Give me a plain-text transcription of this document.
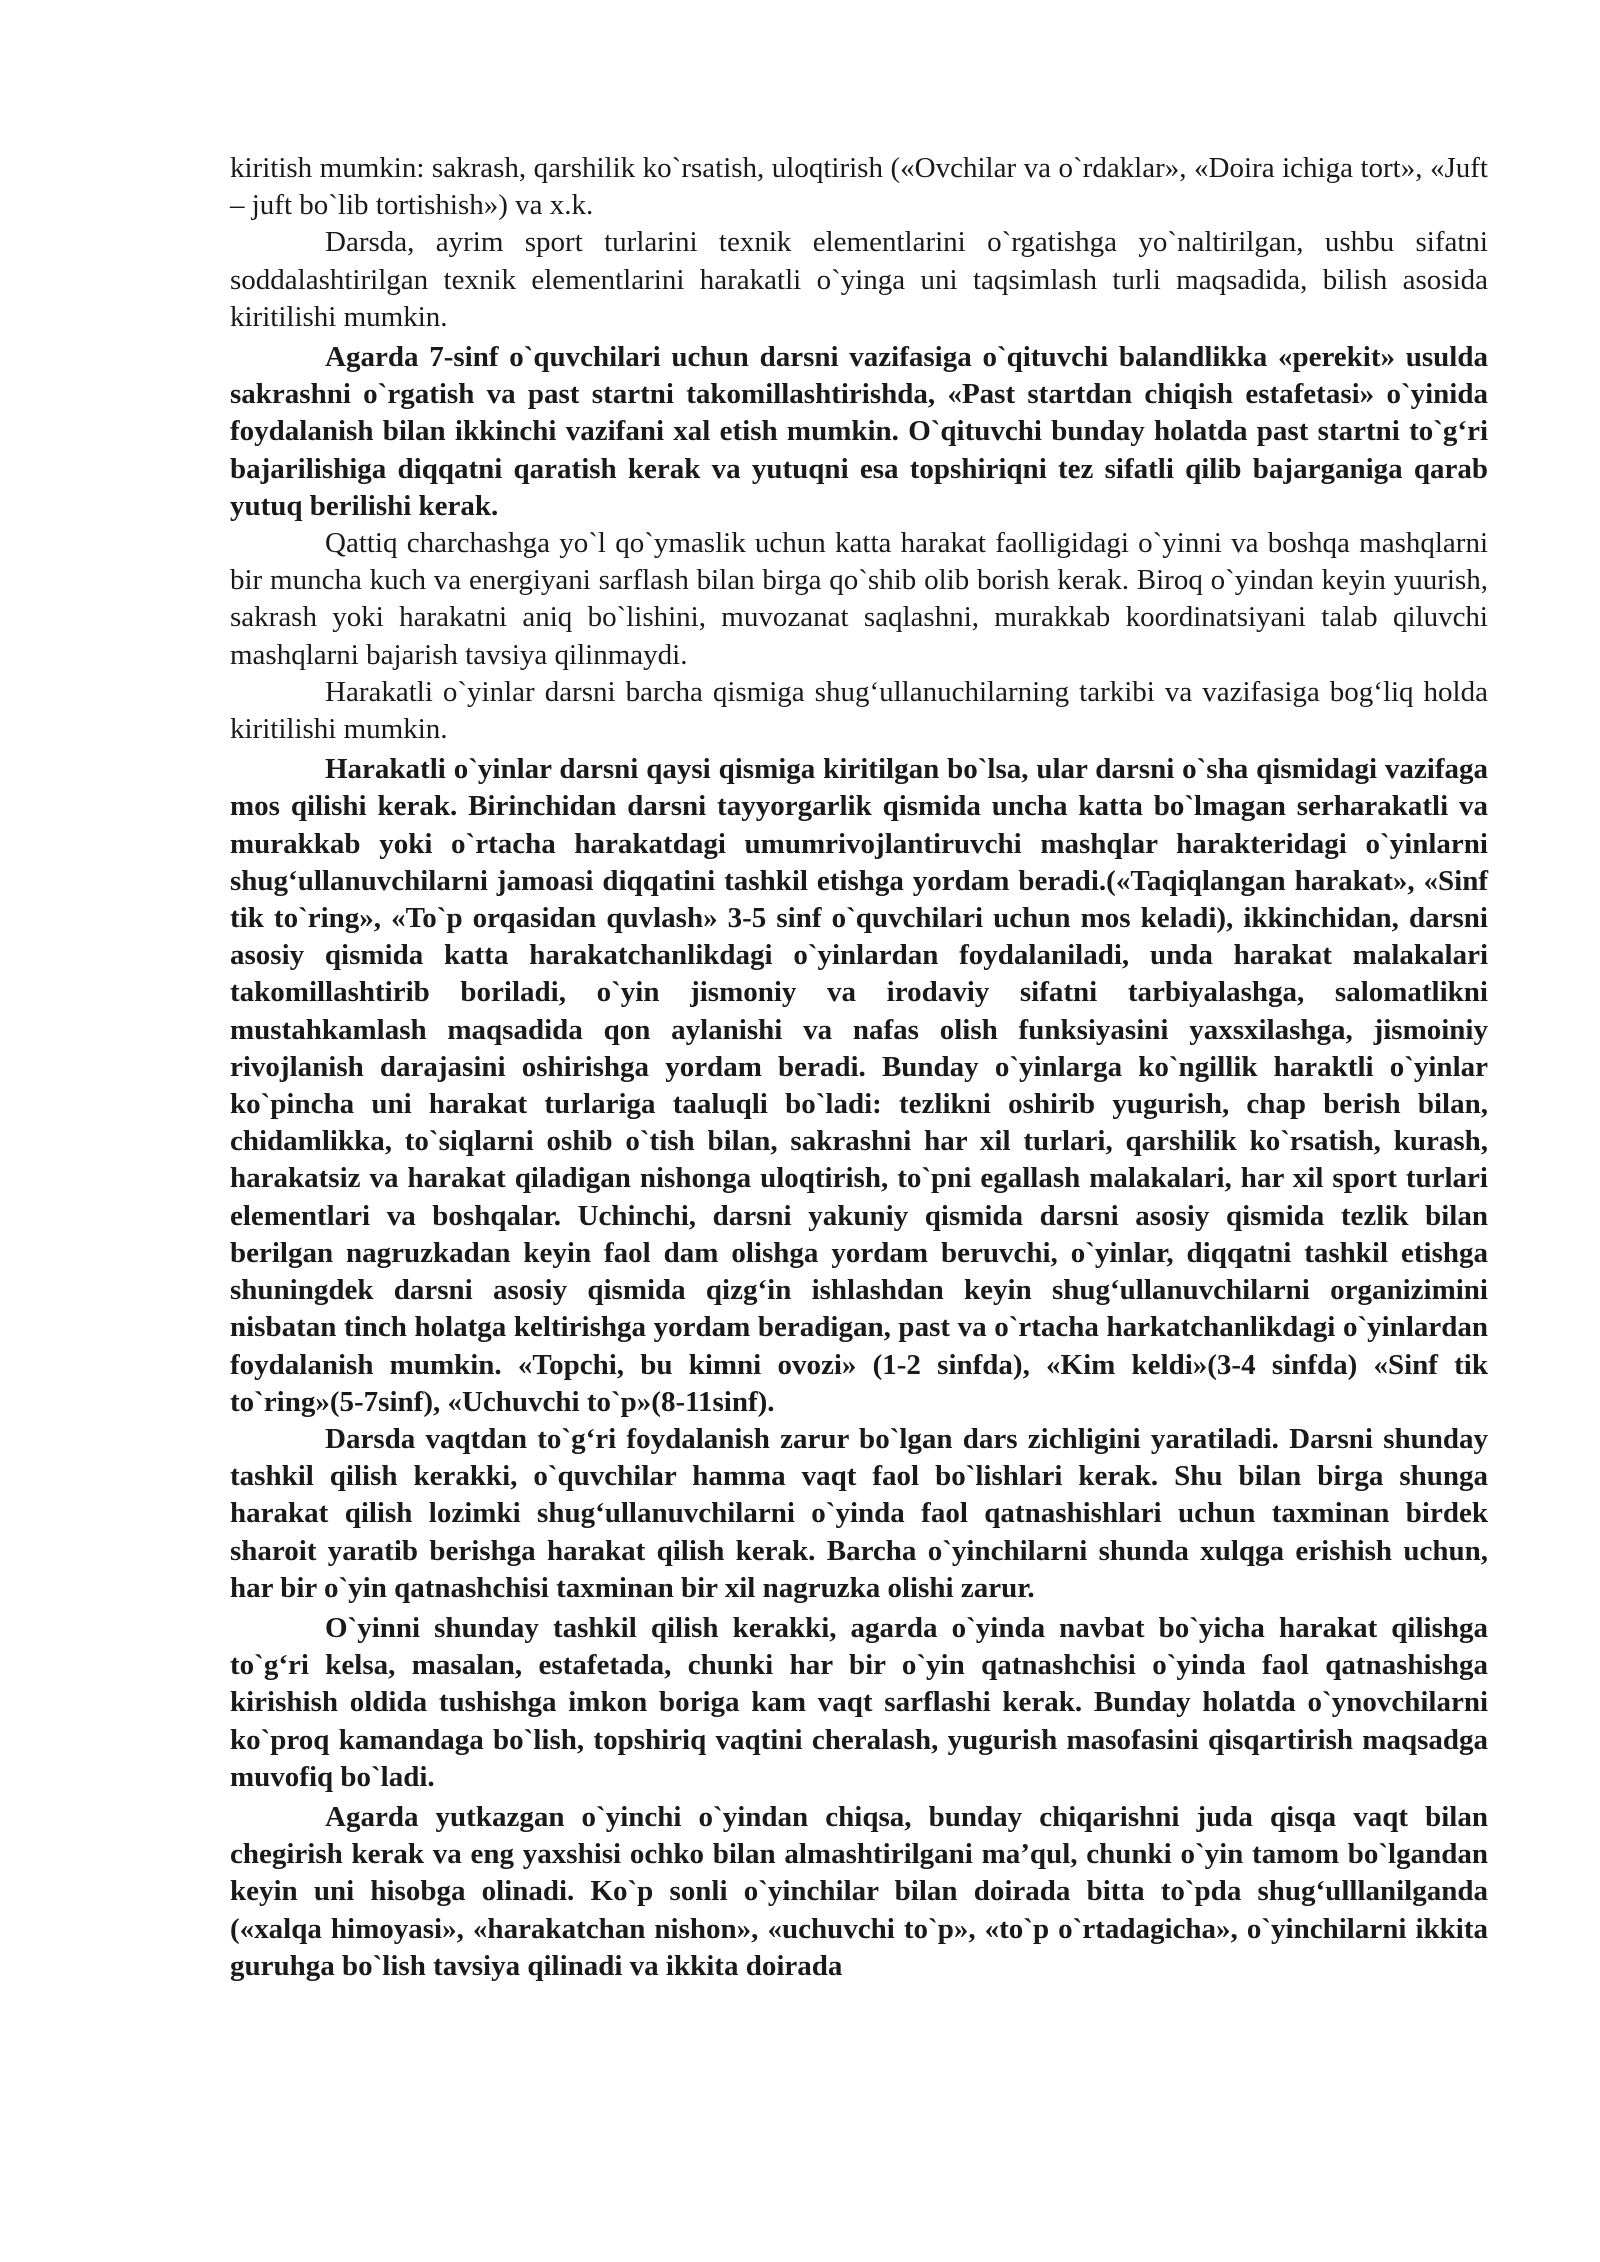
kiritish mumkin: sakrash, qarshilik ko`rsatish, uloqtirish («Ovchilar va o`rdaklar», «Doira ichiga tort», «Juft – juft bo`lib tortishish») va x.k.

Darsda, ayrim sport turlarini texnik elementlarini o`rgatishga yo`naltirilgan, ushbu sifatni soddalashtirilgan texnik elementlarini harakatli o`yinga uni taqsimlash turli maqsadida, bilish asosida kiritilishi mumkin.

Agarda 7-sinf o`quvchilari uchun darsni vazifasiga o`qituvchi balandlikka «perekit» usulda sakrashni o`rgatish va past startni takomillashtirishda, «Past startdan chiqish estafetasi» o`yinida foydalanish bilan ikkinchi vazifani xal etish mumkin. O`qituvchi bunday holatda past startni to`g‘ri bajarilishiga diqqatni qaratish kerak va yutuqni esa topshiriqni tez sifatli qilib bajarganiga qarab yutuq berilishi kerak.

Qattiq charchashga yo`l qo`ymaslik uchun katta harakat faolligidagi o`yinni va boshqa mashqlarni bir muncha kuch va energiyani sarflash bilan birga qo`shib olib borish kerak. Biroq o`yindan keyin yuurish, sakrash yoki harakatni aniq bo`lishini, muvozanat saqlashni, murakkab koordinatsiyani talab qiluvchi mashqlarni bajarish tavsiya qilinmaydi.

Harakatli o`yinlar darsni barcha qismiga shug‘ullanuchilarning tarkibi va vazifasiga bog‘liq holda kiritilishi mumkin.

Harakatli o`yinlar darsni qaysi qismiga kiritilgan bo`lsa, ular darsni o`sha qismidagi vazifaga mos qilishi kerak. Birinchidan darsni tayyorgarlik qismida uncha katta bo`lmagan serharakatli va murakkab yoki o`rtacha harakatdagi umumrivojlantiruvchi mashqlar harakteridagi o`yinlarni shug‘ullanuvchilarni jamoasi diqqatini tashkil etishga yordam beradi.(«Taqiqlangan harakat», «Sinf tik to`ring», «To`p orqasidan quvlash» 3-5 sinf o`quvchilari uchun mos keladi), ikkinchidan, darsni asosiy qismida katta harakatchanlikdagi o`yinlardan foydalaniladi, unda harakat malakalari takomillashtirib boriladi, o`yin jismoniy va irodaviy sifatni tarbiyalashga, salomatlikni mustahkamlash maqsadida qon aylanishi va nafas olish funksiyasini yaxsxilashga, jismoiniy rivojlanish darajasini oshirishga yordam beradi. Bunday o`yinlarga ko`ngillik haraktli o`yinlar ko`pincha uni harakat turlariga taaluqli bo`ladi: tezlikni oshirib yugurish, chap berish bilan, chidamlikka, to`siqlarni oshib o`tish bilan, sakrashni har xil turlari, qarshilik ko`rsatish, kurash, harakatsiz va harakat qiladigan nishonga uloqtirish, to`pni egallash malakalari, har xil sport turlari elementlari va boshqalar. Uchinchi, darsni yakuniy qismida darsni asosiy qismida tezlik bilan berilgan nagruzkadan keyin faol dam olishga yordam beruvchi, o`yinlar, diqqatni tashkil etishga shuningdek darsni asosiy qismida qizg‘in ishlashdan keyin shug‘ullanuvchilarni organizimini nisbatan tinch holatga keltirishga yordam beradigan, past va o`rtacha harkatchanlikdagi o`yinlardan foydalanish mumkin. «Topchi, bu kimni ovozi» (1-2 sinfda), «Kim keldi»(3-4 sinfda) «Sinf tik to`ring»(5-7sinf), «Uchuvchi to`p»(8-11sinf).

Darsda vaqtdan to`g‘ri foydalanish zarur bo`lgan dars zichligini yaratiladi. Darsni shunday tashkil qilish kerakki, o`quvchilar hamma vaqt faol bo`lishlari kerak. Shu bilan birga shunga harakat qilish lozimki shug‘ullanuvchilarni o`yinda faol qatnashishlari uchun taxminan birdek sharoit yaratib berishga harakat qilish kerak. Barcha o`yinchilarni shunda xulqga erishish uchun, har bir o`yin qatnashchisi taxminan bir xil nagruzka olishi zarur.

O`yinni shunday tashkil qilish kerakki, agarda o`yinda navbat bo`yicha harakat qilishga to`g‘ri kelsa, masalan, estafetada, chunki har bir o`yin qatnashchisi o`yinda faol qatnashishga kirishish oldida tushishga imkon boriga kam vaqt sarflashi kerak. Bunday holatda o`ynovchilarni ko`proq kamandaga bo`lish, topshiriq vaqtini cheralash, yugurish masofasini qisqartirish maqsadga muvofiq bo`ladi.

Agarda yutkazgan o`yinchi o`yindan chiqsa, bunday chiqarishni juda qisqa vaqt bilan chegirish kerak va eng yaxshisi ochko bilan almashtirilgani ma’qul, chunki o`yin tamom bo`lgandan keyin uni hisobga olinadi. Ko`p sonli o`yinchilar bilan doirada bitta to`pda shug‘ulllanilganda («xalqa himoyasi», «harakatchan nishon», «uchuvchi to`p», «to`p o`rtadagicha», o`yinchilarni ikkita guruhga bo`lish tavsiya qilinadi va ikkita doirada
